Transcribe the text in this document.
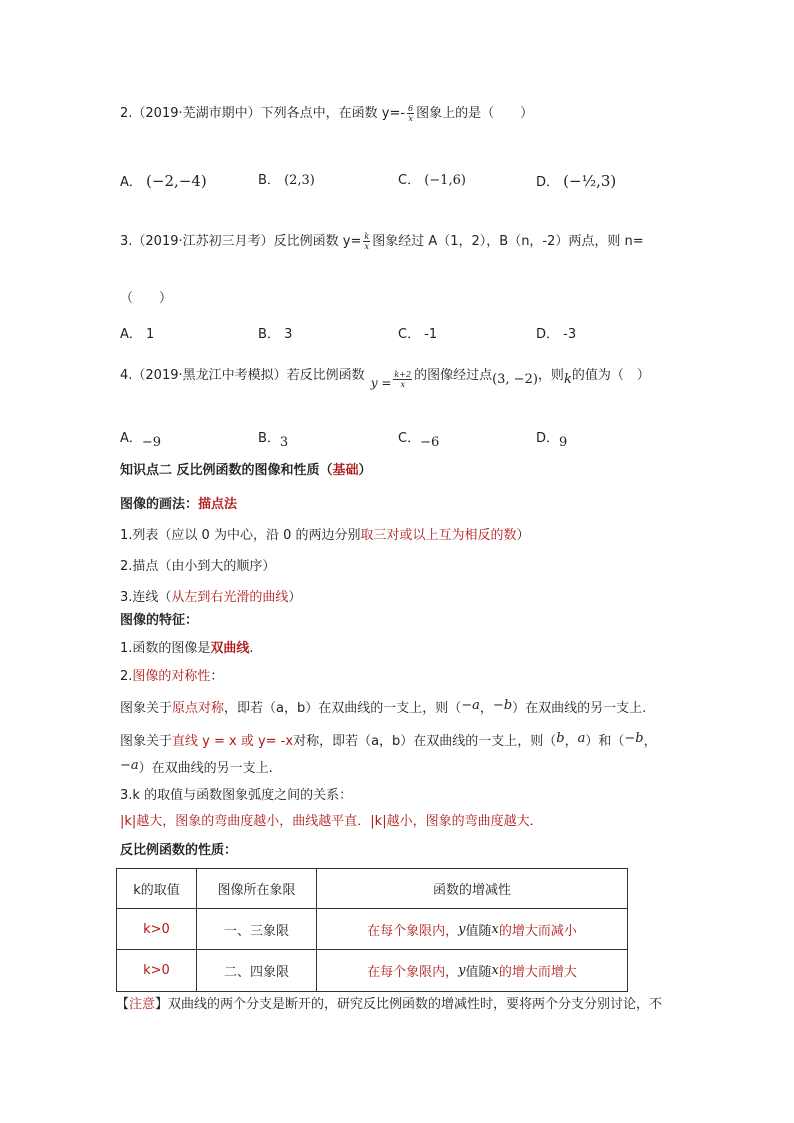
2.（2019·芜湖市期中）下列各点中，在函数 $y=- \frac{6}{x}$ 图象上的是（　　）
A． (−2,−4)	B． (2,3)	C． (−1,6)	D． (−½,3)
3.（2019·江苏初三月考）反比例函数 $y= \frac{k}{x}$ 图象经过 A（1，2），B（n，-2）两点，则 n=
（　　）
A． 1	B． 3	C． -1	D． -3
4.（2019·黑龙江中考模拟）若反比例函数 $y = \frac{k+2}{x}$ 的图像经过点(3, −2)，则k的值为（　）
A．−9	B．3	C．−6	D．9
知识点二 反比例函数的图像和性质（基础）
图像的画法：描点法
1.列表（应以 0 为中心，沿 0 的两边分别取三对或以上互为相反的数）
2.描点（由小到大的顺序）
3.连线（从左到右光滑的曲线）
图像的特征：
1.函数的图像是双曲线.
2.图像的对称性：
图象关于原点对称，即若（a，b）在双曲线的一支上，则（−a，−b）在双曲线的另一支上.
图象关于直线 y = x 或 y= -x对称，即若（a，b）在双曲线的一支上，则（b，a）和（−b，
−a）在双曲线的另一支上.
3.k 的取值与函数图象弧度之间的关系：
|k|越大，图象的弯曲度越小，曲线越平直．|k|越小，图象的弯曲度越大．
反比例函数的性质：
k的取值	图像所在象限	函数的增减性
k>0	一、三象限	在每个象限内， y 值随 x 的增大而减小
k>0	二、四象限	在每个象限内， y 值随 x 的增大而增大
【注意】双曲线的两个分支是断开的，研究反比例函数的增减性时，要将两个分支分别讨论，不
